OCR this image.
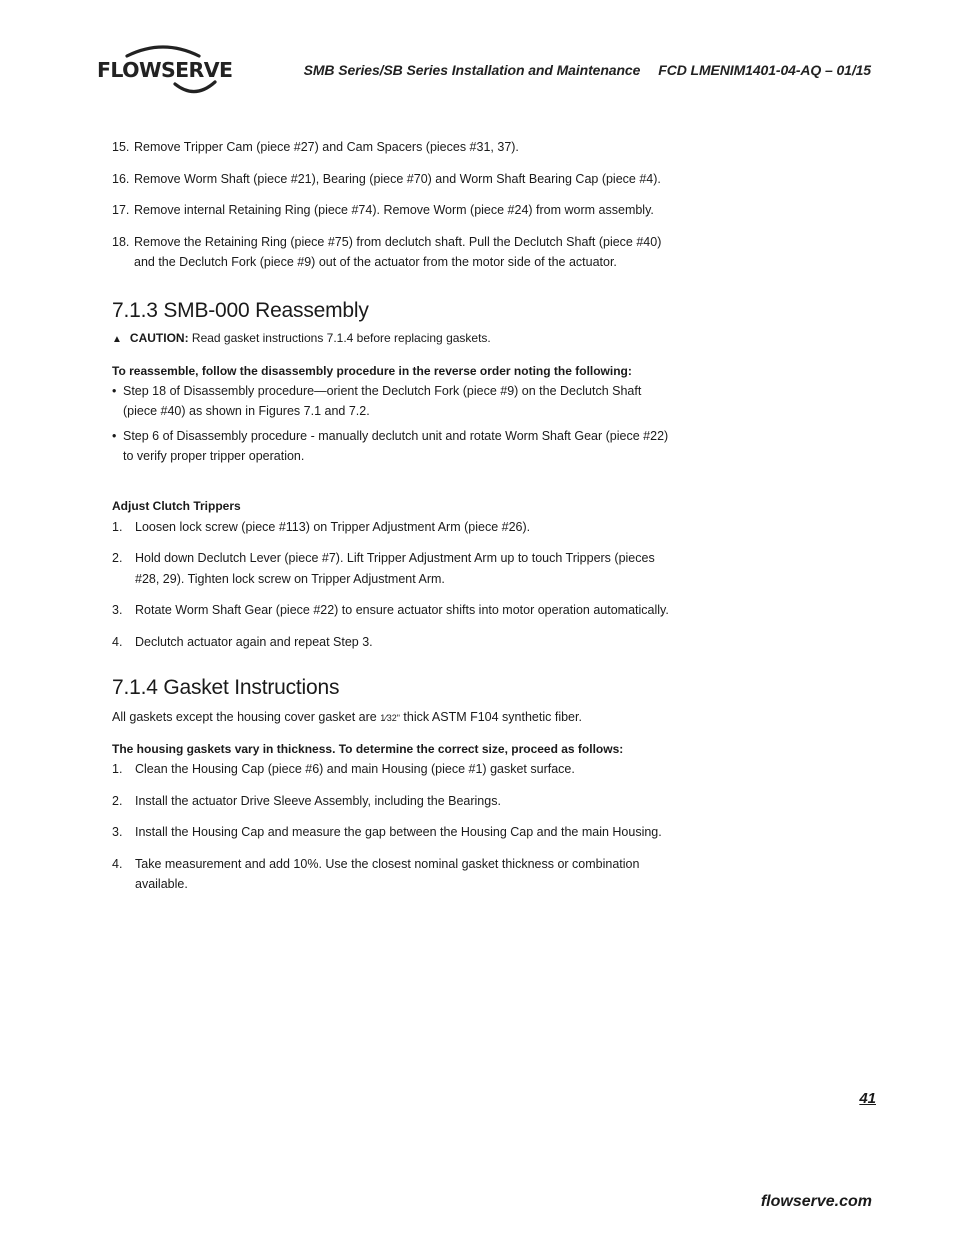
FLOWSERVE	SMB Series/SB Series Installation and Maintenance FCD LMENIM1401-04-AQ – 01/15
15. Remove Tripper Cam (piece #27) and Cam Spacers (pieces #31, 37).
16. Remove Worm Shaft (piece #21), Bearing (piece #70) and Worm Shaft Bearing Cap (piece #4).
17. Remove internal Retaining Ring (piece #74). Remove Worm (piece #24) from worm assembly.
18. Remove the Retaining Ring (piece #75) from declutch shaft. Pull the Declutch Shaft (piece #40) and the Declutch Fork (piece #9) out of the actuator from the motor side of the actuator.
7.1.3 SMB-000 Reassembly
▲ CAUTION: Read gasket instructions 7.1.4 before replacing gaskets.
To reassemble, follow the disassembly procedure in the reverse order noting the following:
• Step 18 of Disassembly procedure—orient the Declutch Fork (piece #9) on the Declutch Shaft (piece #40) as shown in Figures 7.1 and 7.2.
• Step 6 of Disassembly procedure - manually declutch unit and rotate Worm Shaft Gear (piece #22) to verify proper tripper operation.
Adjust Clutch Trippers
1. Loosen lock screw (piece #113) on Tripper Adjustment Arm (piece #26).
2. Hold down Declutch Lever (piece #7). Lift Tripper Adjustment Arm up to touch Trippers (pieces #28, 29). Tighten lock screw on Tripper Adjustment Arm.
3. Rotate Worm Shaft Gear (piece #22) to ensure actuator shifts into motor operation automatically.
4. Declutch actuator again and repeat Step 3.
7.1.4 Gasket Instructions
All gaskets except the housing cover gasket are 1⁄32" thick ASTM F104 synthetic fiber.
The housing gaskets vary in thickness. To determine the correct size, proceed as follows:
1. Clean the Housing Cap (piece #6) and main Housing (piece #1) gasket surface.
2. Install the actuator Drive Sleeve Assembly, including the Bearings.
3. Install the Housing Cap and measure the gap between the Housing Cap and the main Housing.
4. Take measurement and add 10%. Use the closest nominal gasket thickness or combination available.
41
flowserve.com
